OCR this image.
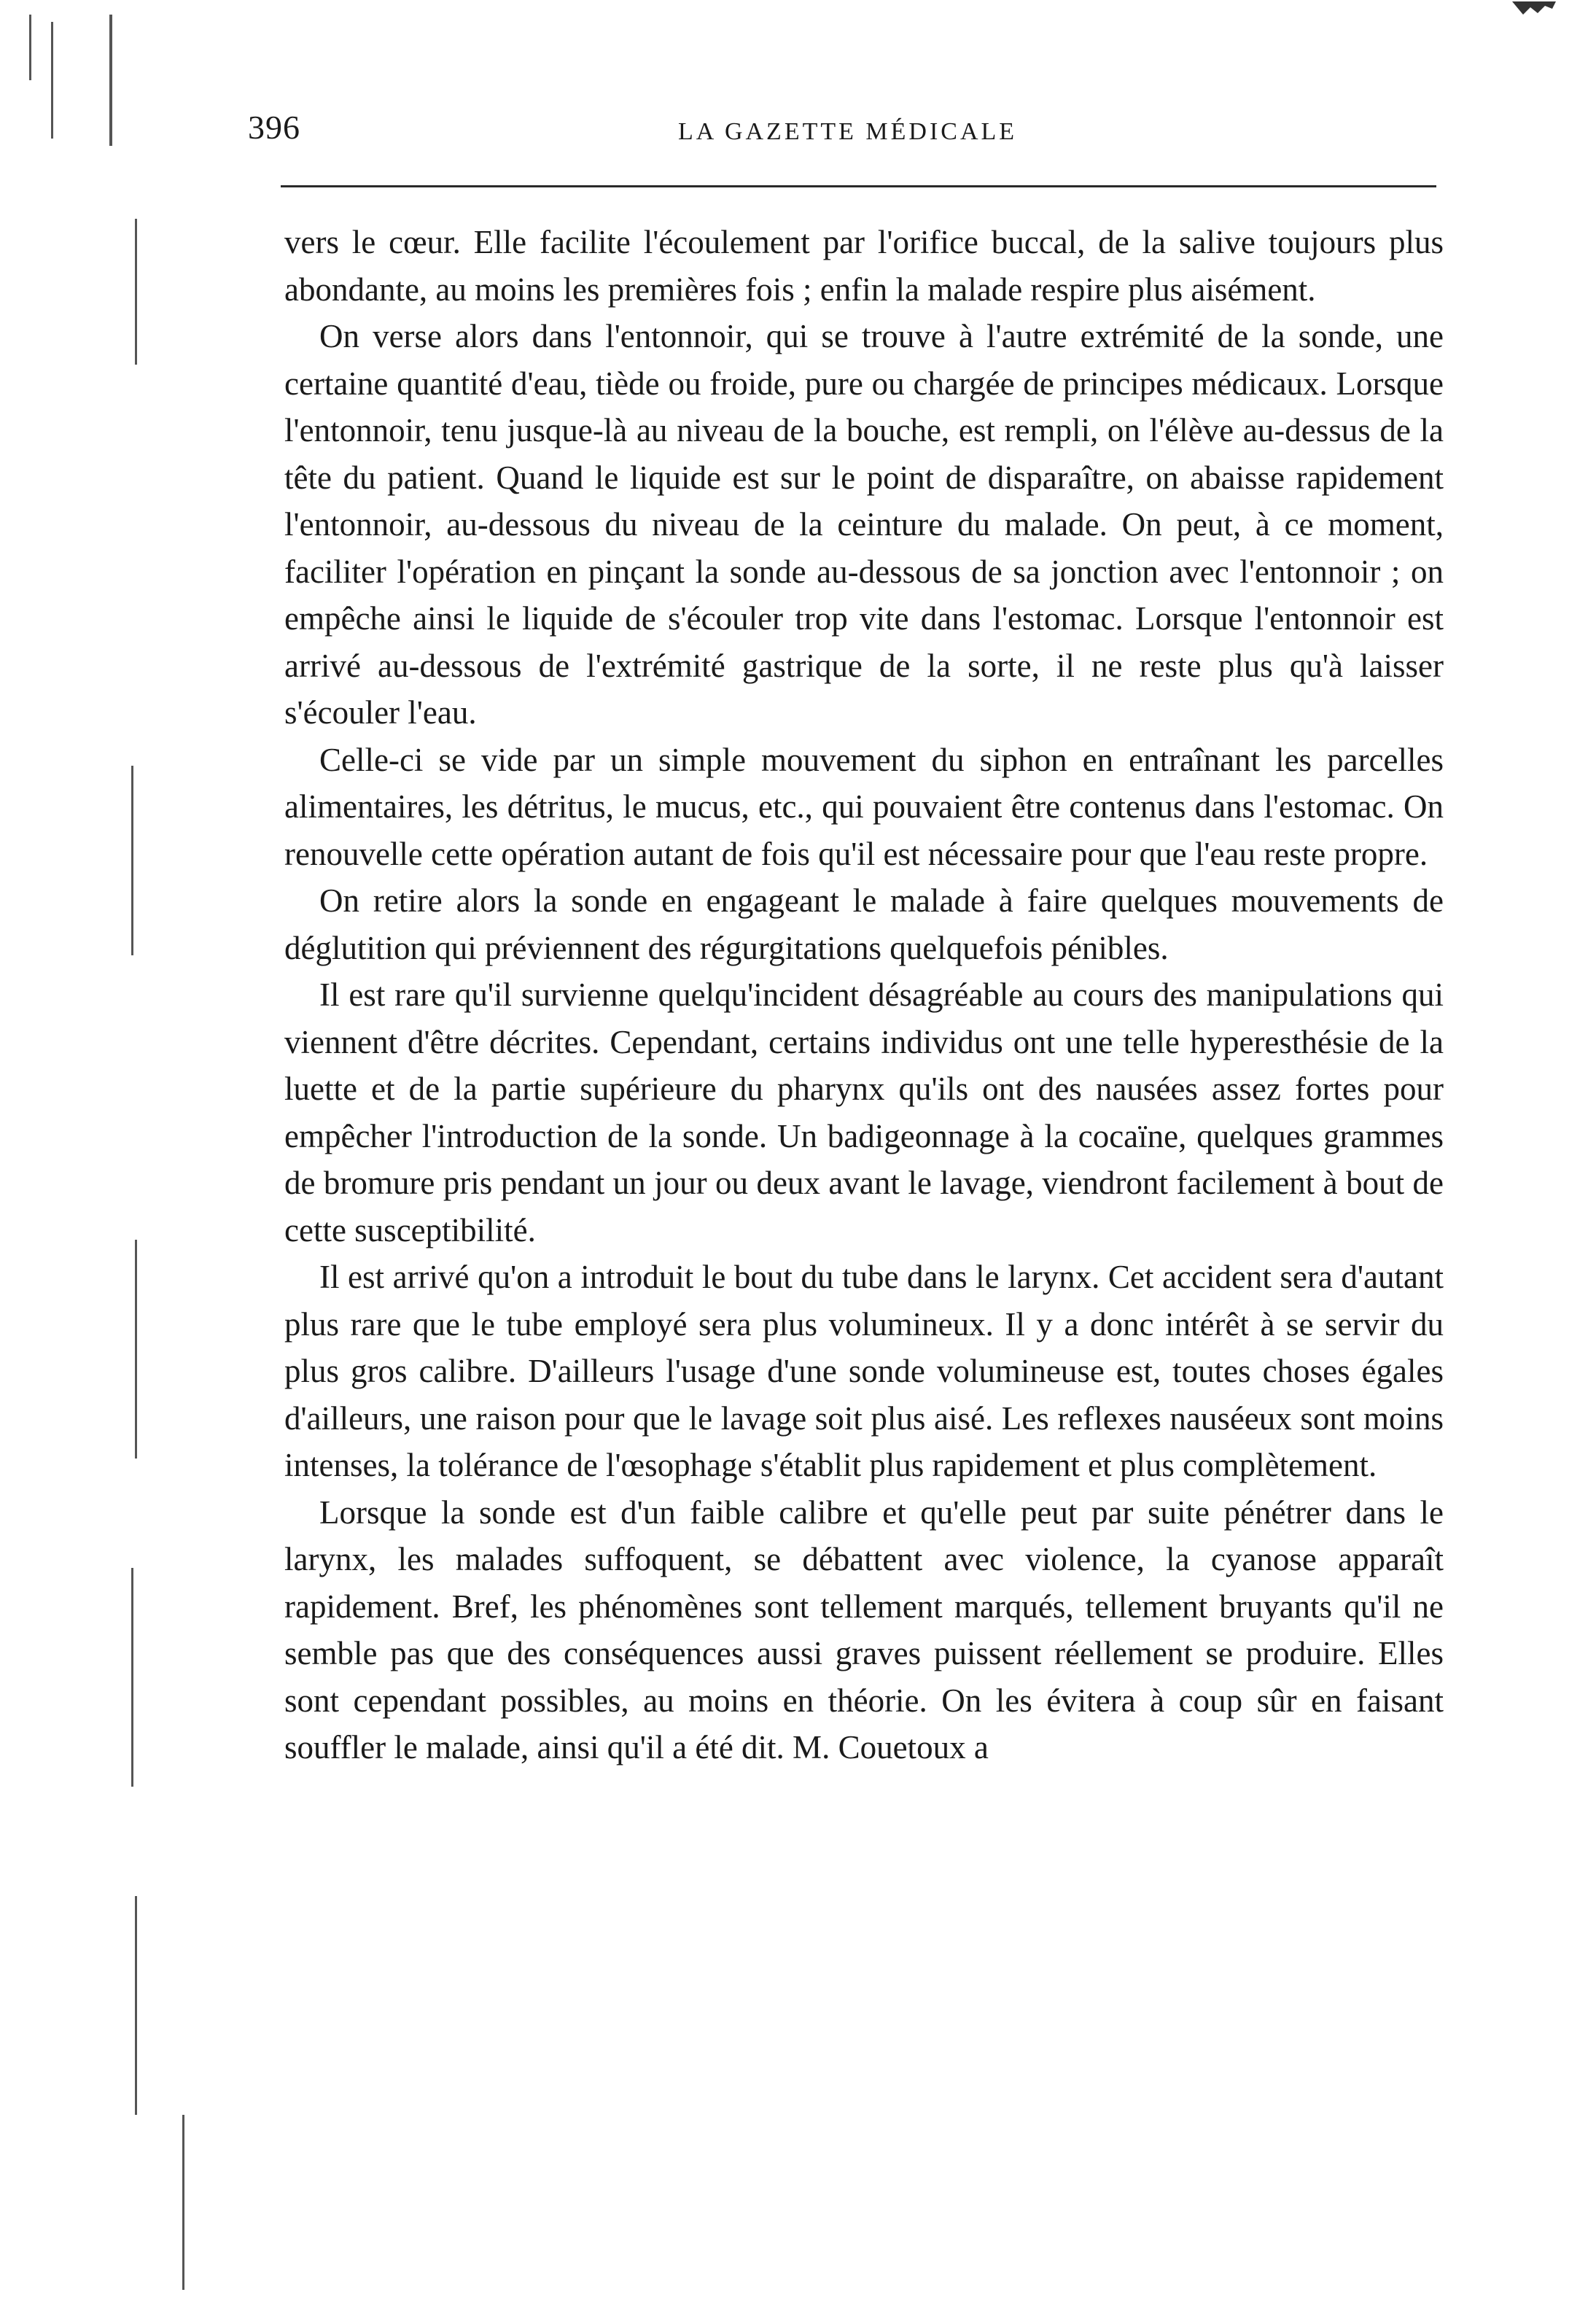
396	LA GAZETTE MÉDICALE

vers le cœur. Elle facilite l'écoulement par l'orifice buccal, de la salive toujours plus abondante, au moins les premières fois ; enfin la malade respire plus aisément.

On verse alors dans l'entonnoir, qui se trouve à l'autre extrémité de la sonde, une certaine quantité d'eau, tiède ou froide, pure ou chargée de principes médicaux. Lorsque l'entonnoir, tenu jusque-là au niveau de la bouche, est rempli, on l'élève au-dessus de la tête du patient. Quand le liquide est sur le point de disparaître, on abaisse rapidement l'entonnoir, au-dessous du niveau de la ceinture du malade. On peut, à ce moment, faciliter l'opération en pinçant la sonde au-dessous de sa jonction avec l'entonnoir ; on empêche ainsi le liquide de s'écouler trop vite dans l'estomac. Lorsque l'entonnoir est arrivé au-dessous de l'extrémité gastrique de la sorte, il ne reste plus qu'à laisser s'écouler l'eau.

Celle-ci se vide par un simple mouvement du siphon en entraînant les parcelles alimentaires, les détritus, le mucus, etc., qui pouvaient être contenus dans l'estomac. On renouvelle cette opération autant de fois qu'il est nécessaire pour que l'eau reste propre.

On retire alors la sonde en engageant le malade à faire quelques mouvements de déglutition qui préviennent des régurgitations quelquefois pénibles.

Il est rare qu'il survienne quelqu'incident désagréable au cours des manipulations qui viennent d'être décrites. Cependant, certains individus ont une telle hyperesthésie de la luette et de la partie supérieure du pharynx qu'ils ont des nausées assez fortes pour empêcher l'introduction de la sonde. Un badigeonnage à la cocaïne, quelques grammes de bromure pris pendant un jour ou deux avant le lavage, viendront facilement à bout de cette susceptibilité.

Il est arrivé qu'on a introduit le bout du tube dans le larynx. Cet accident sera d'autant plus rare que le tube employé sera plus volumineux. Il y a donc intérêt à se servir du plus gros calibre. D'ailleurs l'usage d'une sonde volumineuse est, toutes choses égales d'ailleurs, une raison pour que le lavage soit plus aisé. Les reflexes nauséeux sont moins intenses, la tolérance de l'œsophage s'établit plus rapidement et plus complètement.

Lorsque la sonde est d'un faible calibre et qu'elle peut par suite pénétrer dans le larynx, les malades suffoquent, se débattent avec violence, la cyanose apparaît rapidement. Bref, les phénomènes sont tellement marqués, tellement bruyants qu'il ne semble pas que des conséquences aussi graves puissent réellement se produire. Elles sont cependant possibles, au moins en théorie. On les évitera à coup sûr en faisant souffler le malade, ainsi qu'il a été dit. M. Couetoux a
